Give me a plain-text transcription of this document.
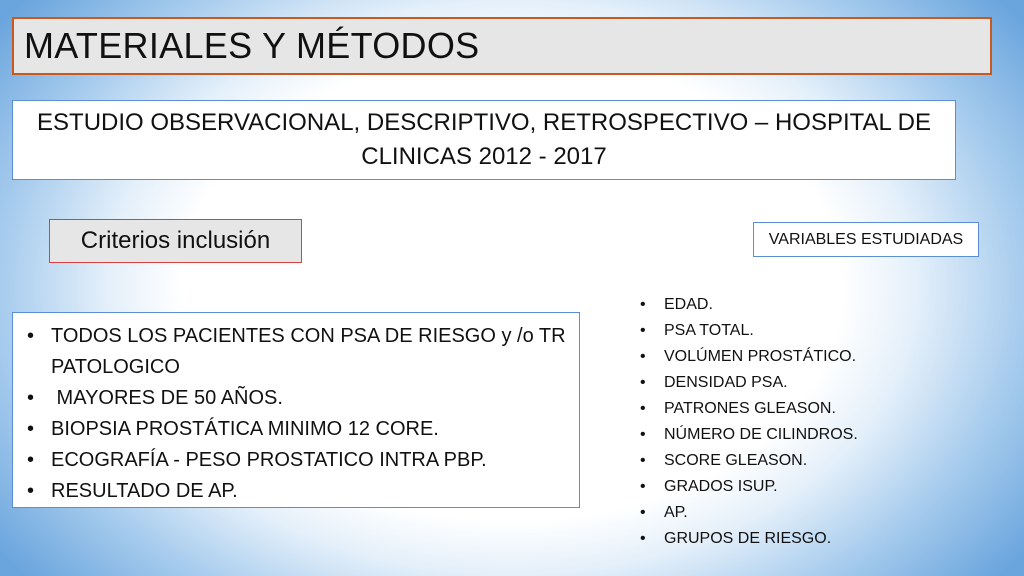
MATERIALES Y MÉTODOS
ESTUDIO OBSERVACIONAL, DESCRIPTIVO, RETROSPECTIVO – HOSPITAL DE CLINICAS 2012 - 2017
Criterios inclusión	VARIABLES ESTUDIADAS
• TODOS LOS PACIENTES CON PSA DE RIESGO y /o TR PATOLOGICO
• MAYORES DE 50 AÑOS.
• BIOPSIA PROSTÁTICA MINIMO 12 CORE.
• ECOGRAFÍA - PESO PROSTATICO INTRA PBP.
• RESULTADO DE AP.
• EDAD.
• PSA TOTAL.
• VOLÚMEN PROSTÁTICO.
• DENSIDAD PSA.
• PATRONES GLEASON.
• NÚMERO DE CILINDROS.
• SCORE GLEASON.
• GRADOS ISUP.
• AP.
• GRUPOS DE RIESGO.
